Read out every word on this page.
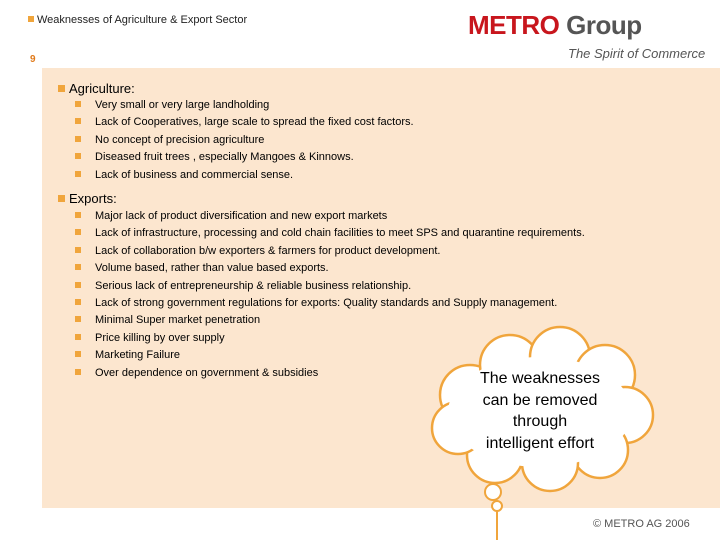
Weaknesses of Agriculture & Export Sector	METRO Group
The Spirit of Commerce
9
Agriculture:
Very small or very large landholding
Lack of Cooperatives, large scale to spread the fixed cost factors.
No concept of precision agriculture
Diseased fruit trees , especially Mangoes & Kinnows.
Lack of business and commercial sense.
Exports:
Major lack of product diversification and new export markets
Lack of infrastructure, processing and cold chain facilities to meet SPS and quarantine requirements.
Lack of collaboration b/w exporters & farmers for product development.
Volume based, rather than value based exports.
Serious lack of entrepreneurship & reliable business relationship.
Lack of strong government regulations for exports: Quality standards and Supply management.
Minimal Super market penetration
Price killing by over supply
Marketing Failure
Over dependence on government & subsidies	The weaknesses
can be removed
through
intelligent effort
© METRO AG 2006
